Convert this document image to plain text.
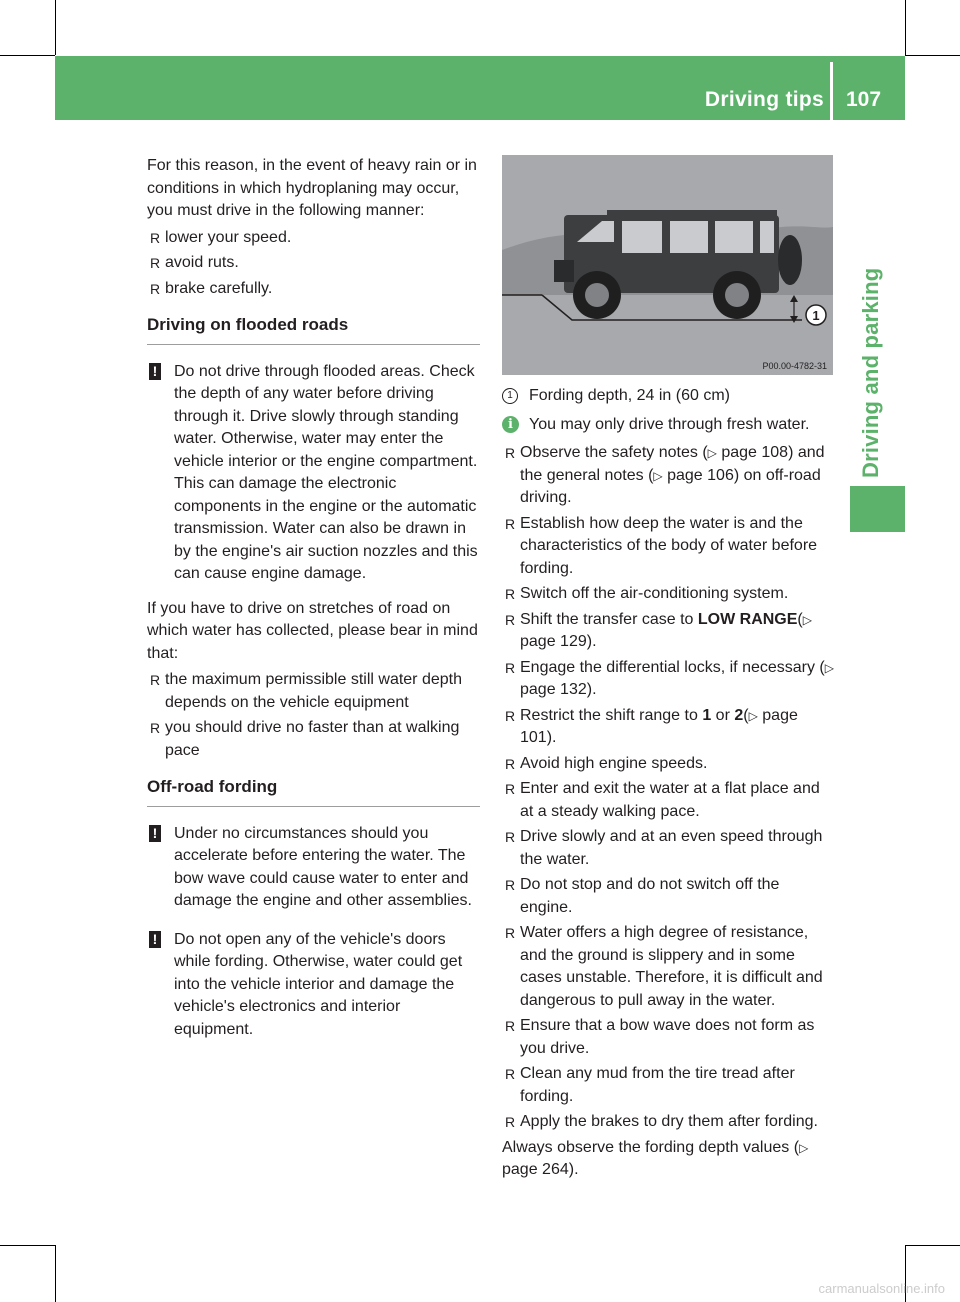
Driving tips 107
Driving and parking

For this reason, in the event of heavy rain or in conditions in which hydroplaning may occur, you must drive in the following manner:

R lower your speed.
R avoid ruts.
R brake carefully.
Driving on flooded roads
! Do not drive through flooded areas. Check the depth of any water before driving through it. Drive slowly through standing water. Otherwise, water may enter the vehicle interior or the engine compartment. This can damage the electronic components in the engine or the automatic transmission. Water can also be drawn in by the engine's air suction nozzles and this can cause engine damage.

If you have to drive on stretches of road on which water has collected, please bear in mind that:

R the maximum permissible still water depth depends on the vehicle equipment
R you should drive no faster than at walking pace
Off-road fording
! Under no circumstances should you accelerate before entering the water. The bow wave could cause water to enter and damage the engine and other assemblies.
! Do not open any of the vehicle's doors while fording. Otherwise, water could get into the vehicle interior and damage the vehicle's electronics and interior equipment.
1
P00.00-4782-31
1	Fording depth, 24 in (60 cm)
i	You may only drive through fresh water.
R Observe the safety notes (▷ page 108) and the general notes (▷ page 106) on off-road driving.
R Establish how deep the water is and the characteristics of the body of water before fording.
R Switch off the air-conditioning system.
R Shift the transfer case to LOW RANGE(▷ page 129).
R Engage the differential locks, if necessary (▷ page 132).
R Restrict the shift range to 1 or 2(▷ page 101).
R Avoid high engine speeds.
R Enter and exit the water at a flat place and at a steady walking pace.
R Drive slowly and at an even speed through the water.
R Do not stop and do not switch off the engine.
R Water offers a high degree of resistance, and the ground is slippery and in some cases unstable. Therefore, it is difficult and dangerous to pull away in the water.
R Ensure that a bow wave does not form as you drive.
R Clean any mud from the tire tread after fording.
R Apply the brakes to dry them after fording.

Always observe the fording depth values (▷ page 264).

carmanualsonline.info
